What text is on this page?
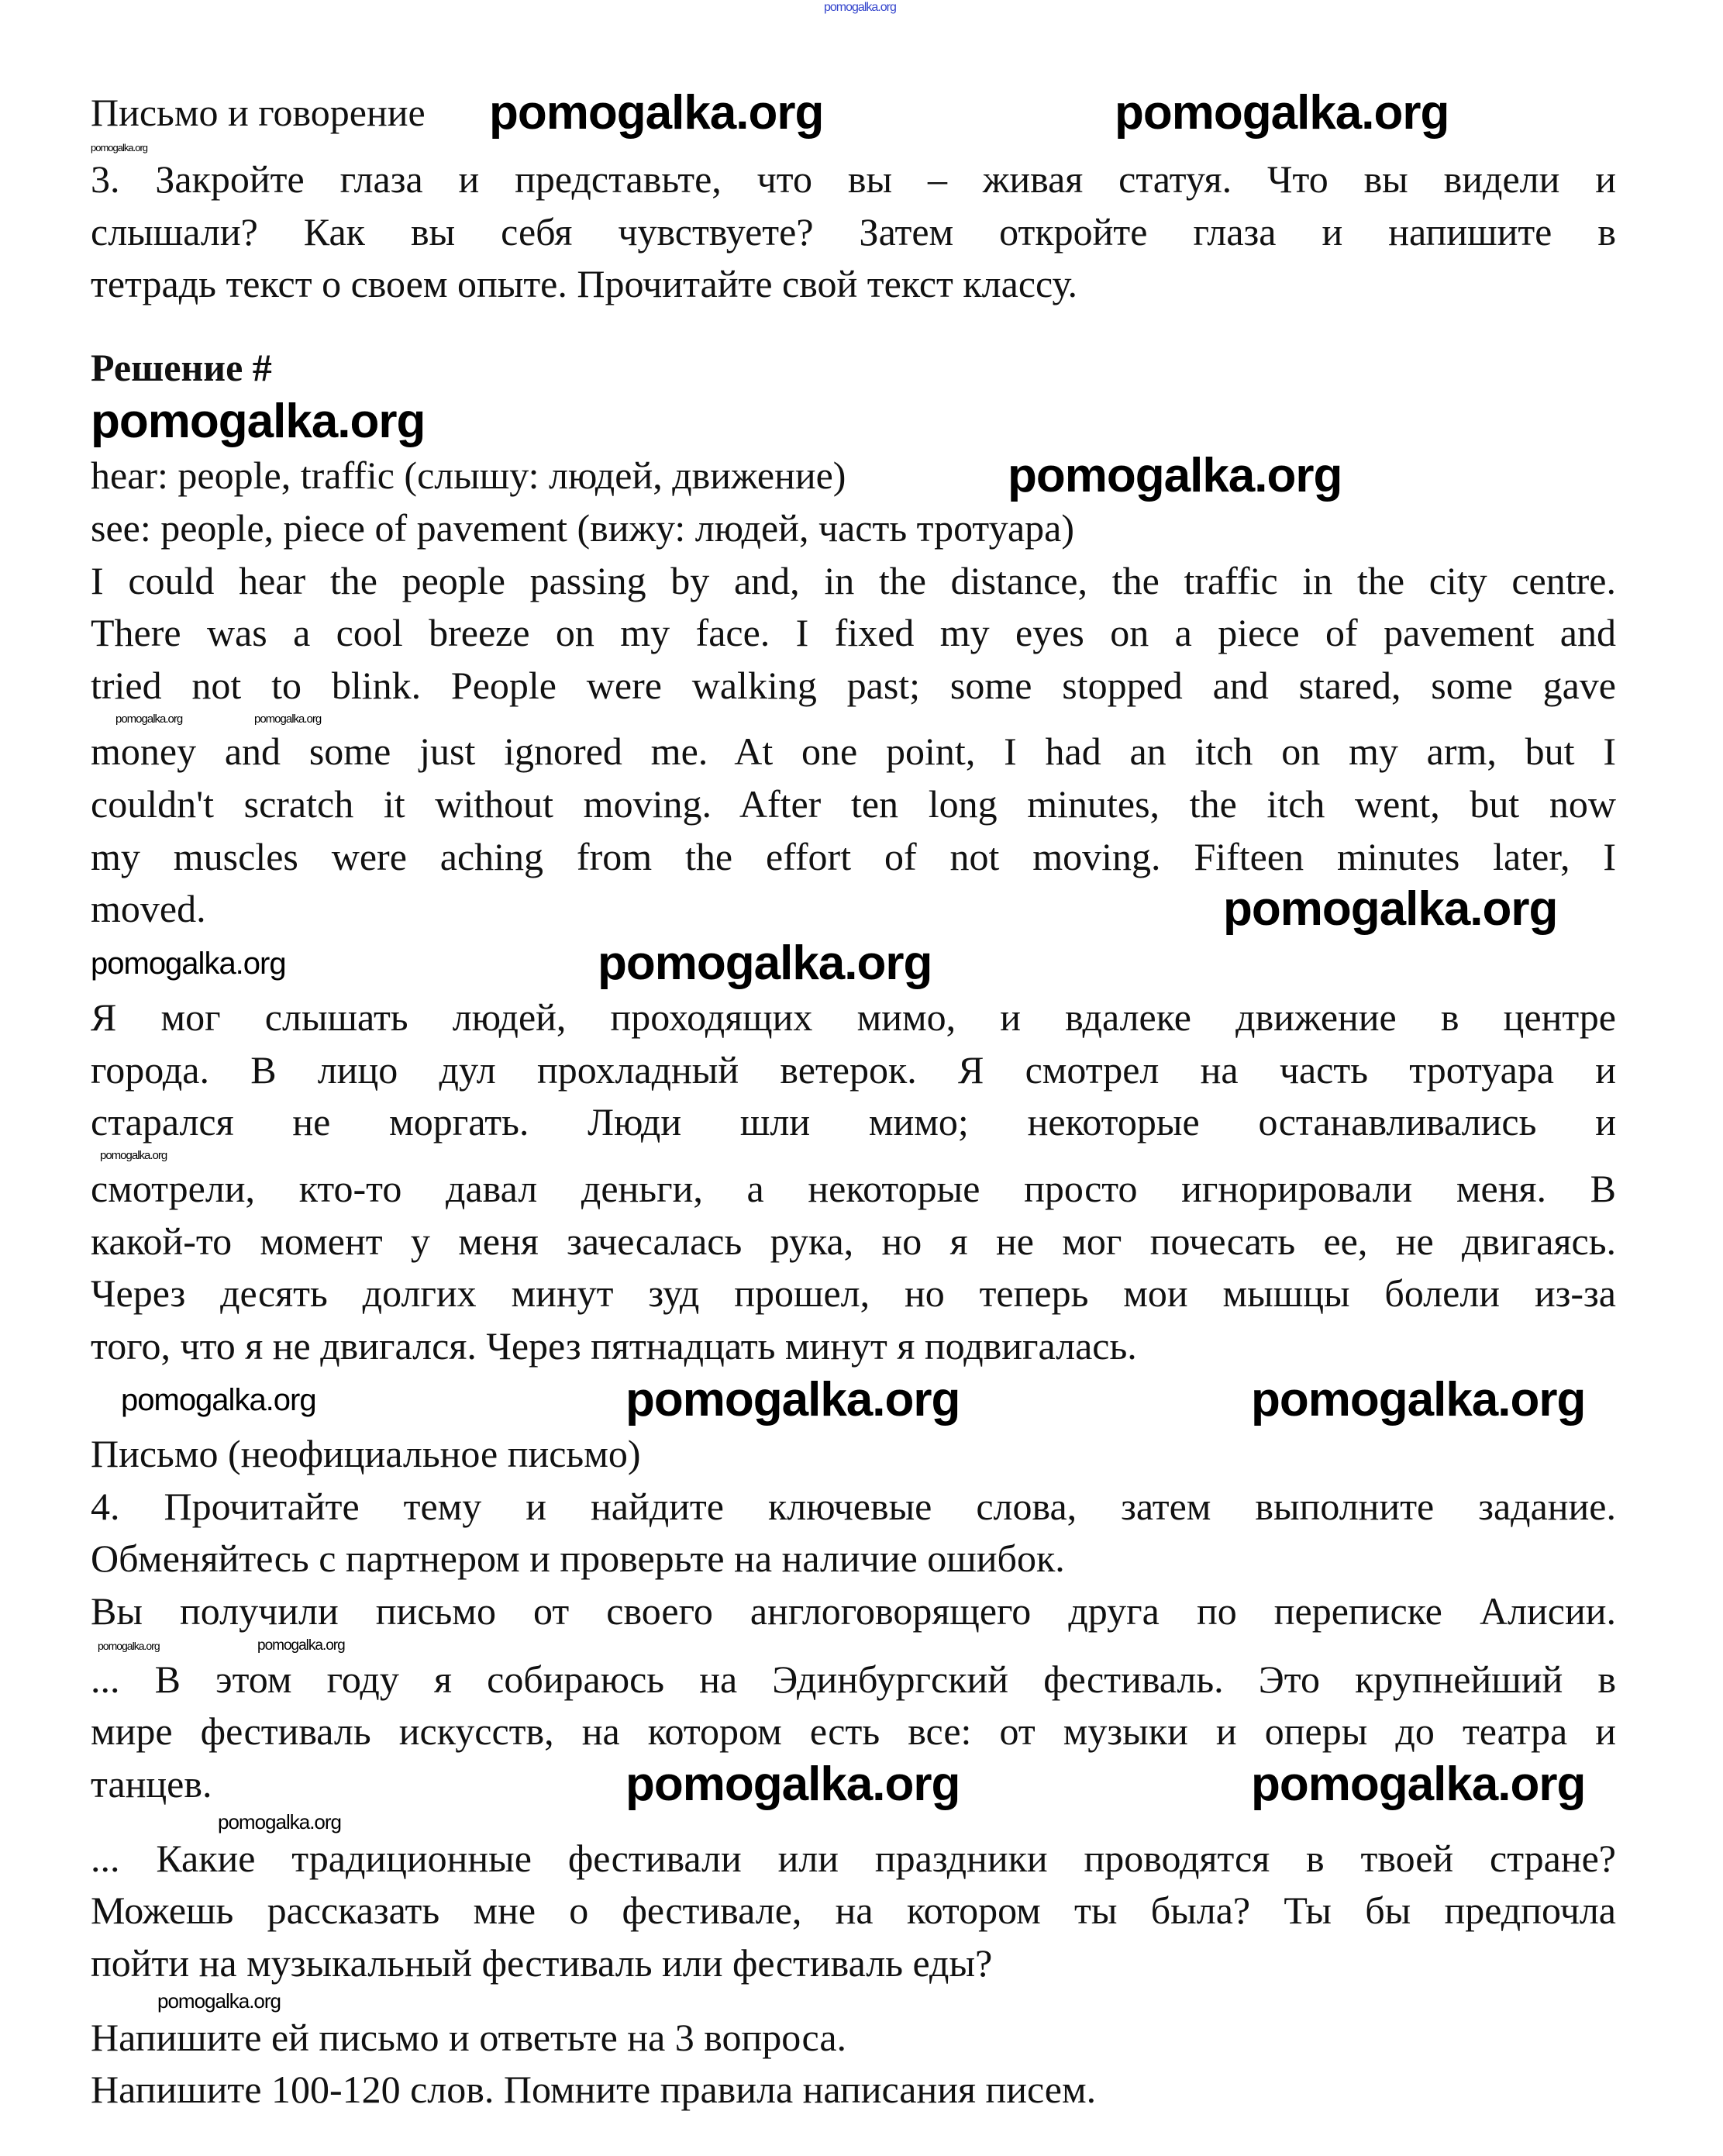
pomogalka.org
Письмо и говорение	pomogalka.org	pomogalka.org
pomogalka.org
3. Закройте глаза и представьте, что вы – живая статуя. Что вы видели и
слышали? Как вы себя чувствуете? Затем откройте глаза и напишите в
тетрадь текст о своем опыте. Прочитайте свой текст классу.
Решение #
pomogalka.org
hear: people, traffic (слышу: людей, движение)	pomogalka.org
see: people, piece of pavement (вижу: людей, часть тротуара)
I could hear the people passing by and, in the distance, the traffic in the city centre.
There was a cool breeze on my face. I fixed my eyes on a piece of pavement and
tried not to blink. People were walking past; some stopped and stared, some gave
pomogalka.org	pomogalka.org
money and some just ignored me. At one point, I had an itch on my arm, but I
couldn't scratch it without moving. After ten long minutes, the itch went, but now
my muscles were aching from the effort of not moving. Fifteen minutes later, I
moved.	pomogalka.org
pomogalka.org	pomogalka.org
Я мог слышать людей, проходящих мимо, и вдалеке движение в центре
города. В лицо дул прохладный ветерок. Я смотрел на часть тротуара и
старался не моргать. Люди шли мимо; некоторые останавливались и
pomogalka.org
смотрели, кто-то давал деньги, а некоторые просто игнорировали меня. В
какой-то момент у меня зачесалась рука, но я не мог почесать ее, не двигаясь.
Через десять долгих минут зуд прошел, но теперь мои мышцы болели из-за
того, что я не двигался. Через пятнадцать минут я подвигалась.
pomogalka.org	pomogalka.org	pomogalka.org
Письмо (неофициальное письмо)
4. Прочитайте тему и найдите ключевые слова, затем выполните задание.
Обменяйтесь с партнером и проверьте на наличие ошибок.
Вы получили письмо от своего англоговорящего друга по переписке Алисии.
pomogalka.org	pomogalka.org
... В этом году я собираюсь на Эдинбургский фестиваль. Это крупнейший в
мире фестиваль искусств, на котором есть все: от музыки и оперы до театра и
танцев.	pomogalka.org	pomogalka.org
pomogalka.org
... Какие традиционные фестивали или праздники проводятся в твоей стране?
Можешь рассказать мне о фестивале, на котором ты была? Ты бы предпочла
пойти на музыкальный фестиваль или фестиваль еды?
pomogalka.org
Напишите ей письмо и ответьте на 3 вопроса.
Напишите 100-120 слов. Помните правила написания писем.
